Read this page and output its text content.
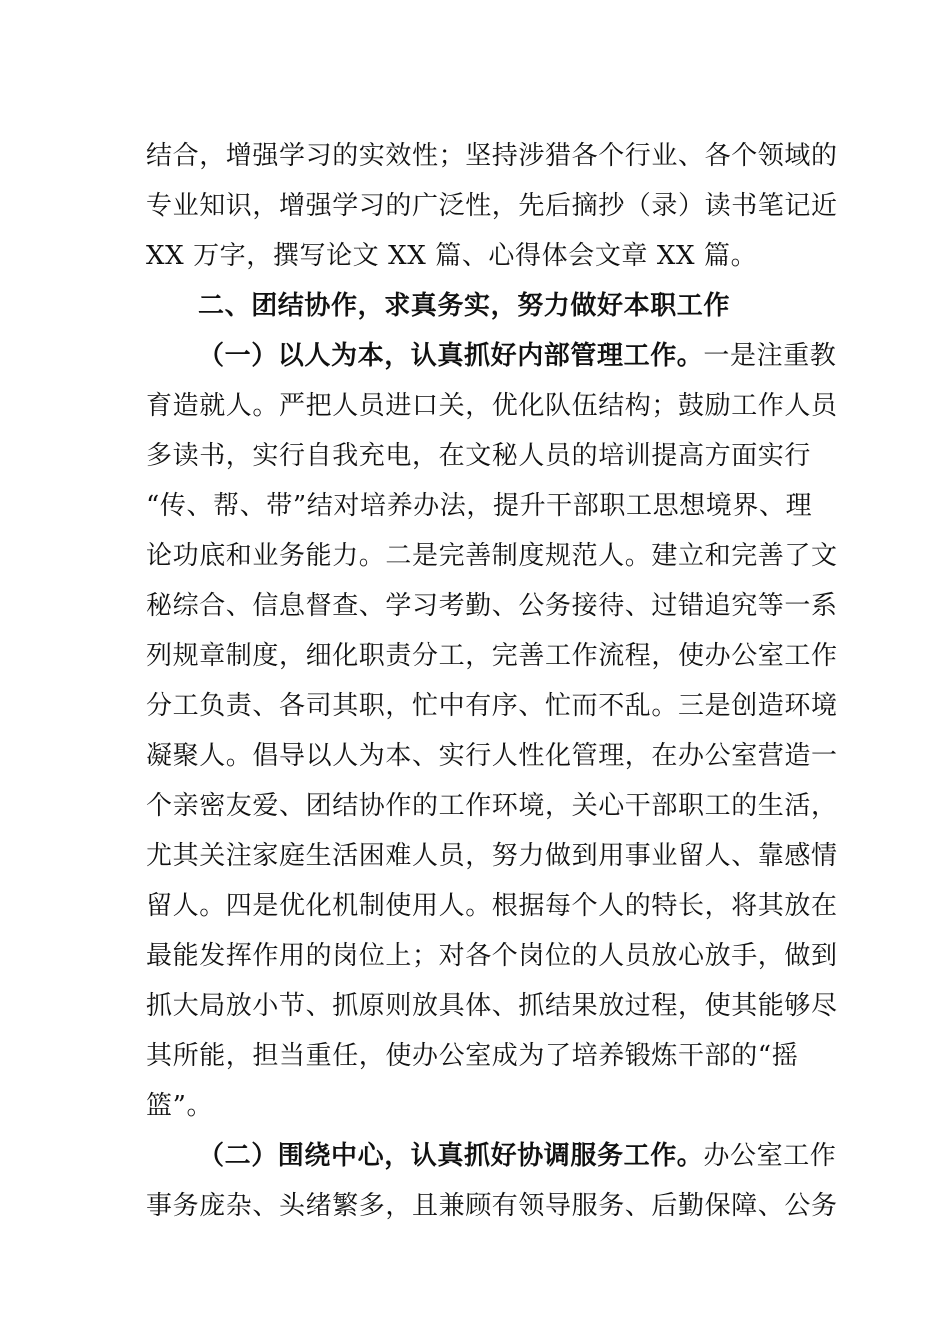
结合，增强学习的实效性；坚持涉猎各个行业、各个领域的
专业知识，增强学习的广泛性，先后摘抄（录）读书笔记近
XX 万字，撰写论文 XX 篇、心得体会文章 XX 篇。
二、团结协作，求真务实，努力做好本职工作
（一）以人为本，认真抓好内部管理工作。一是注重教
育造就人。严把人员进口关，优化队伍结构；鼓励工作人员
多读书，实行自我充电，在文秘人员的培训提高方面实行
“传、帮、带”结对培养办法，提升干部职工思想境界、理
论功底和业务能力。二是完善制度规范人。建立和完善了文
秘综合、信息督查、学习考勤、公务接待、过错追究等一系
列规章制度，细化职责分工，完善工作流程，使办公室工作
分工负责、各司其职，忙中有序、忙而不乱。三是创造环境
凝聚人。倡导以人为本、实行人性化管理，在办公室营造一
个亲密友爱、团结协作的工作环境，关心干部职工的生活，
尤其关注家庭生活困难人员，努力做到用事业留人、靠感情
留人。四是优化机制使用人。根据每个人的特长，将其放在
最能发挥作用的岗位上；对各个岗位的人员放心放手，做到
抓大局放小节、抓原则放具体、抓结果放过程，使其能够尽
其所能，担当重任，使办公室成为了培养锻炼干部的“摇
篮”。
（二）围绕中心，认真抓好协调服务工作。办公室工作
事务庞杂、头绪繁多，且兼顾有领导服务、后勤保障、公务
